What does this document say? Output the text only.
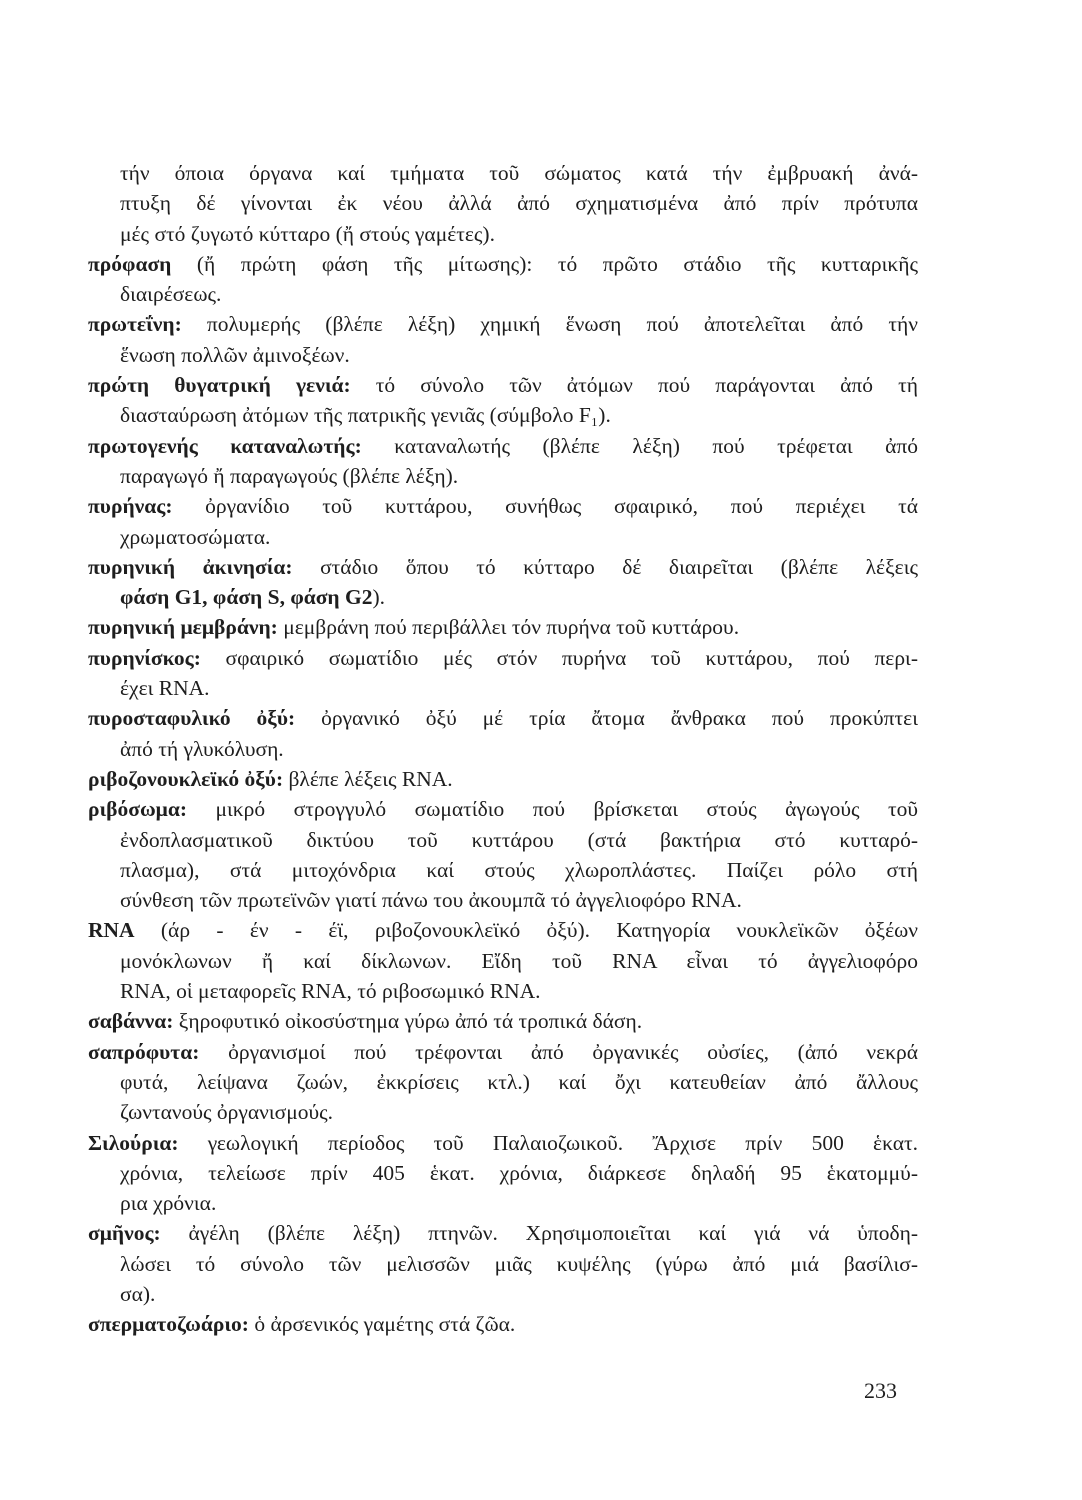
τήν όποια όργανα καί τμήματα τοῦ σώματος κατά τήν ἐμβρυακή ἀνά-
πτυξη δέ γίνονται ἐκ νέου ἀλλά ἀπό σχηματισμένα ἀπό πρίν πρότυπα
μές στό ζυγωτό κύτταρο (ἤ στούς γαμέτες).
πρόφαση (ἤ πρώτη φάση τῆς μίτωσης): τό πρῶτο στάδιο τῆς κυτταρικῆς
διαιρέσεως.
πρωτεΐνη: πολυμερής (βλέπε λέξη) χημική ἕνωση πού ἀποτελεῖται ἀπό τήν
ἕνωση πολλῶν ἀμινοξέων.
πρώτη θυγατρική γενιά: τό σύνολο τῶν ἀτόμων πού παράγονται ἀπό τή
διασταύρωση ἀτόμων τῆς πατρικῆς γενιᾶς (σύμβολο F₁).
πρωτογενής καταναλωτής: καταναλωτής (βλέπε λέξη) πού τρέφεται ἀπό
παραγωγό ἤ παραγωγούς (βλέπε λέξη).
πυρήνας: ὀργανίδιο τοῦ κυττάρου, συνήθως σφαιρικό, πού περιέχει τά
χρωματοσώματα.
πυρηνική ἀκινησία: στάδιο ὅπου τό κύτταρο δέ διαιρεῖται (βλέπε λέξεις
φάση G1, φάση S, φάση G2).
πυρηνική μεμβράνη: μεμβράνη πού περιβάλλει τόν πυρήνα τοῦ κυττάρου.
πυρηνίσκος: σφαιρικό σωματίδιο μές στόν πυρήνα τοῦ κυττάρου, πού περι-
έχει RNA.
πυροσταφυλικό ὀξύ: ὀργανικό ὀξύ μέ τρία ἄτομα ἄνθρακα πού προκύπτει
ἀπό τή γλυκόλυση.
ριβοζονουκλεϊκό ὀξύ: βλέπε λέξεις RNA.
ριβόσωμα: μικρό στρογγυλό σωματίδιο πού βρίσκεται στούς ἀγωγούς τοῦ
ἐνδοπλασματικοῦ δικτύου τοῦ κυττάρου (στά βακτήρια στό κυτταρό-
πλασμα), στά μιτοχόνδρια καί στούς χλωροπλάστες. Παίζει ρόλο στή
σύνθεση τῶν πρωτεϊνῶν γιατί πάνω του ἀκουμπᾶ τό ἀγγελιοφόρο RNA.
RNA (άρ - έν - έϊ, ριβοζονουκλεϊκό ὀξύ). Κατηγορία νουκλεϊκῶν ὀξέων
μονόκλωνων ἤ καί δίκλωνων. Εἴδη τοῦ RNA εἶναι τό ἀγγελιοφόρο
RNA, οἱ μεταφορεῖς RNA, τό ριβοσωμικό RNA.
σαβάννα: ξηροφυτικό οἰκοσύστημα γύρω ἀπό τά τροπικά δάση.
σαπρόφυτα: ὀργανισμοί πού τρέφονται ἀπό ὀργανικές οὐσίες, (ἀπό νεκρά
φυτά, λείψανα ζωών, ἐκκρίσεις κτλ.) καί ὄχι κατευθείαν ἀπό ἄλλους
ζωντανούς ὀργανισμούς.
Σιλούρια: γεωλογική περίοδος τοῦ Παλαιοζωικοῦ. Ἄρχισε πρίν 500 ἑκατ.
χρόνια, τελείωσε πρίν 405 ἑκατ. χρόνια, διάρκεσε δηλαδή 95 ἑκατομμύ-
ρια χρόνια.
σμῆνος: ἀγέλη (βλέπε λέξη) πτηνῶν. Χρησιμοποιεῖται καί γιά νά ὑποδη-
λώσει τό σύνολο τῶν μελισσῶν μιᾶς κυψέλης (γύρω ἀπό μιά βασίλισ-
σα).
σπερματοζωάριο: ὁ ἀρσενικός γαμέτης στά ζῶα.
233
